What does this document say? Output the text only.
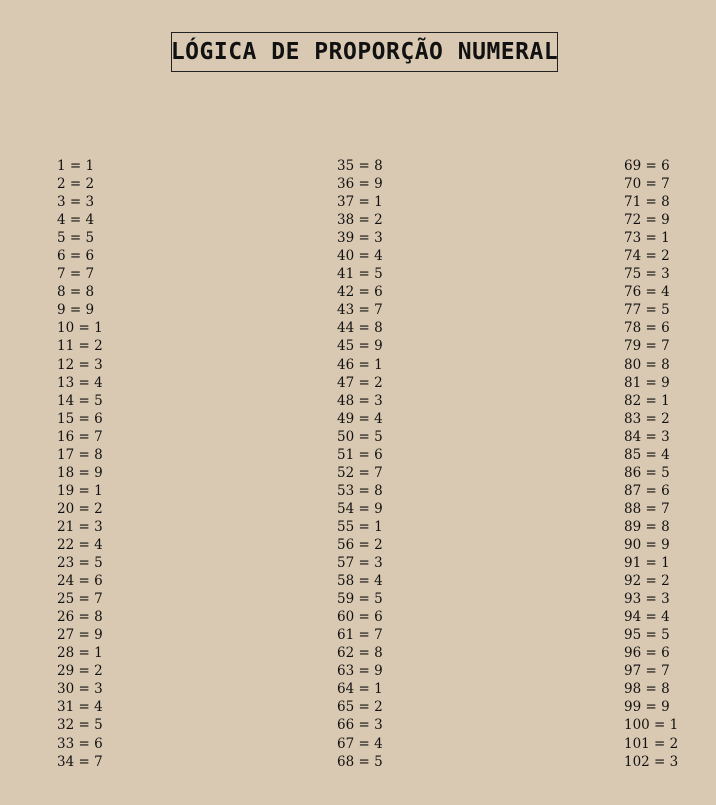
LÓGICA DE PROPORÇÃO NUMERAL
1 = 1
2 = 2
3 = 3
4 = 4
5 = 5
6 = 6
7 = 7
8 = 8
9 = 9
10 = 1
11 = 2
12 = 3
13 = 4
14 = 5
15 = 6
16 = 7
17 = 8
18 = 9
19 = 1
20 = 2
21 = 3
22 = 4
23 = 5
24 = 6
25 = 7
26 = 8
27 = 9
28 = 1
29 = 2
30 = 3
31 = 4
32 = 5
33 = 6
34 = 7
35 = 8
36 = 9
37 = 1
38 = 2
39 = 3
40 = 4
41 = 5
42 = 6
43 = 7
44 = 8
45 = 9
46 = 1
47 = 2
48 = 3
49 = 4
50 = 5
51 = 6
52 = 7
53 = 8
54 = 9
55 = 1
56 = 2
57 = 3
58 = 4
59 = 5
60 = 6
61 = 7
62 = 8
63 = 9
64 = 1
65 = 2
66 = 3
67 = 4
68 = 5
69 = 6
70 = 7
71 = 8
72 = 9
73 = 1
74 = 2
75 = 3
76 = 4
77 = 5
78 = 6
79 = 7
80 = 8
81 = 9
82 = 1
83 = 2
84 = 3
85 = 4
86 = 5
87 = 6
88 = 7
89 = 8
90 = 9
91 = 1
92 = 2
93 = 3
94 = 4
95 = 5
96 = 6
97 = 7
98 = 8
99 = 9
100 = 1
101 = 2
102 = 3
